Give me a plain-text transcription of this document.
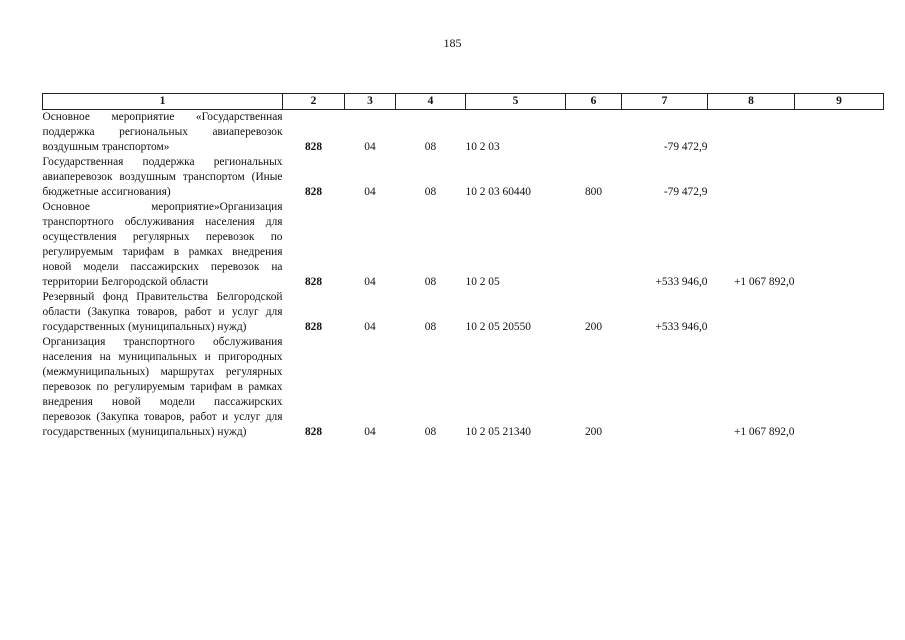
185
1	2	3	4	5	6	7	8	9
Основное мероприятие «Государственная поддержка региональных авиаперевозок воздушным транспортом»	828	04	08	10 2 03		-79 472,9		
Государственная поддержка региональных авиаперевозок воздушным транспортом (Иные бюджетные ассигнования)	828	04	08	10 2 03 60440	800	-79 472,9		
Основное мероприятие»Организация транспортного обслуживания населения для осуществления регулярных перевозок по регулируемым тарифам в рамках внедрения новой модели пассажирских перевозок на территории Белгородской области	828	04	08	10 2 05		+533 946,0	+1 067 892,0	
Резервный фонд Правительства Белгородской области (Закупка товаров, работ и услуг для государственных (муниципальных) нужд)	828	04	08	10 2 05 20550	200	+533 946,0		
Организация транспортного обслуживания населения на муниципальных и пригородных (межмуниципальных) маршрутах регулярных перевозок по регулируемым тарифам в рамках внедрения новой модели пассажирских перевозок (Закупка товаров, работ и услуг для государственных (муниципальных) нужд)	828	04	08	10 2 05 21340	200		+1 067 892,0	
